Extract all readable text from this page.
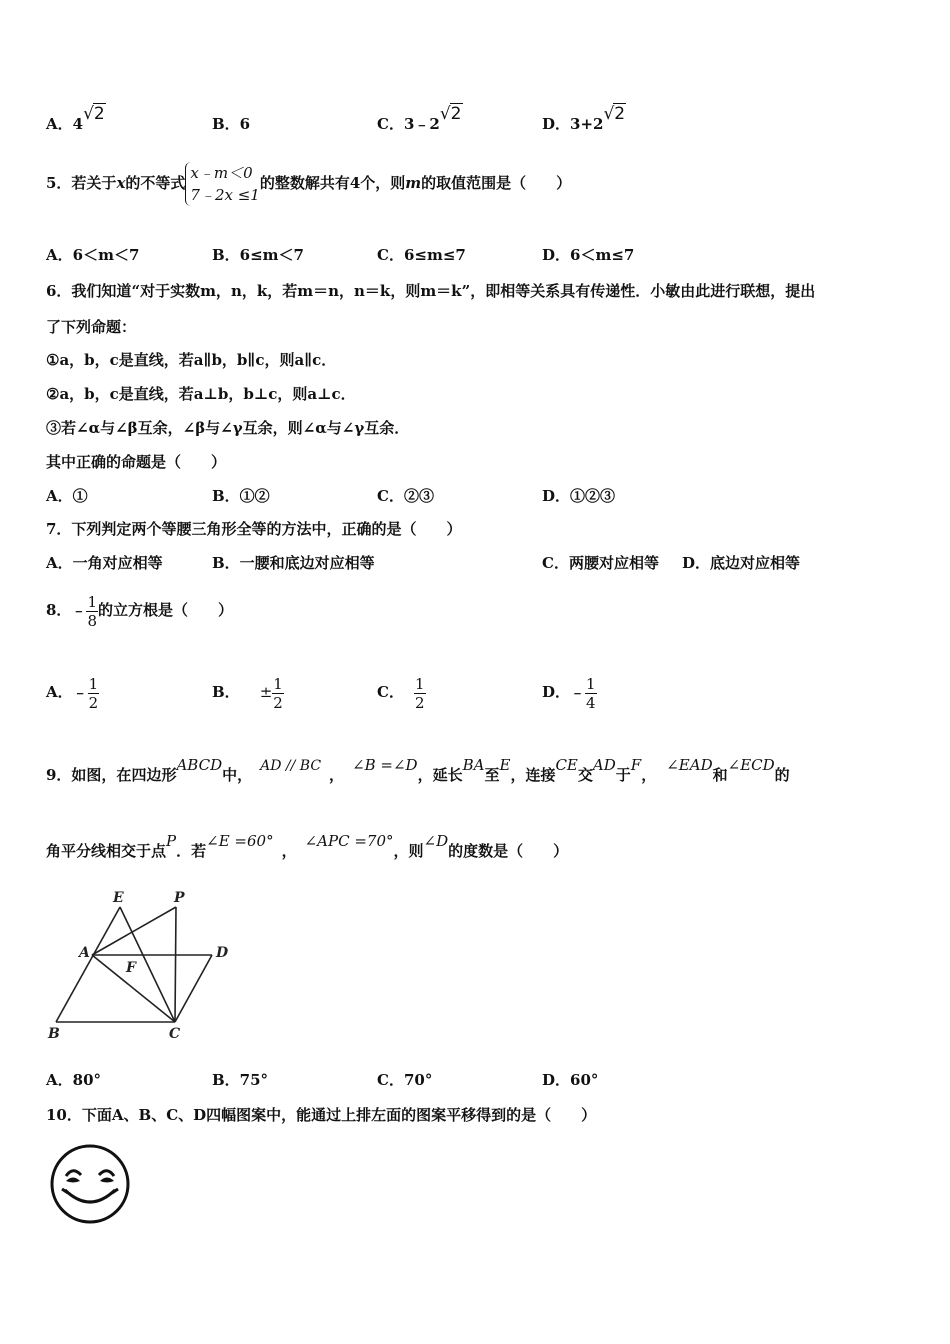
A．4√2	B．6	C．3﹣2√2	D．3+2√2
5．若关于x的不等式
x﹣m＜0
7﹣2x ≤1
的整数解共有4个，则m的取值范围是（　　）
A．6＜m＜7	B．6≤m＜7	C．6≤m≤7	D．6＜m≤7
6．我们知道“对于实数m，n，k，若m＝n，n＝k，则m＝k”，即相等关系具有传递性．小敏由此进行联想，提出
了下列命题：
①a，b，c是直线，若a∥b，b∥c，则a∥c．
②a，b，c是直线，若a⊥b，b⊥c，则a⊥c．
③若∠α与∠β互余，∠β与∠γ互余，则∠α与∠γ互余．
其中正确的命题是（　　）
A．①	B．①②	C．②③	D．①②③
7．下列判定两个等腰三角形全等的方法中，正确的是（　　）
A．一角对应相等	B．一腰和底边对应相等	C．两腰对应相等 D．底边对应相等
8．﹣ $\frac{1}{8}$ 的立方根是（　　）
A．﹣ $\frac{1}{2}$	B． ± $\frac{1}{2}$	C． $\frac{1}{2}$	D．﹣ $\frac{1}{4}$
9．如图，在四边形ABCD中， AD // BC ，∠B =∠D，延长BA至E，连接CE交AD于F，∠EAD和∠ECD的
角平分线相交于点P．若∠E =60°，∠APC =70°，则∠D的度数是（　　）
E	P
A	D
F
B	C
A．80°	B．75°	C．70°	D．60°
10．下面A、B、C、D四幅图案中，能通过上排左面的图案平移得到的是（　　）
